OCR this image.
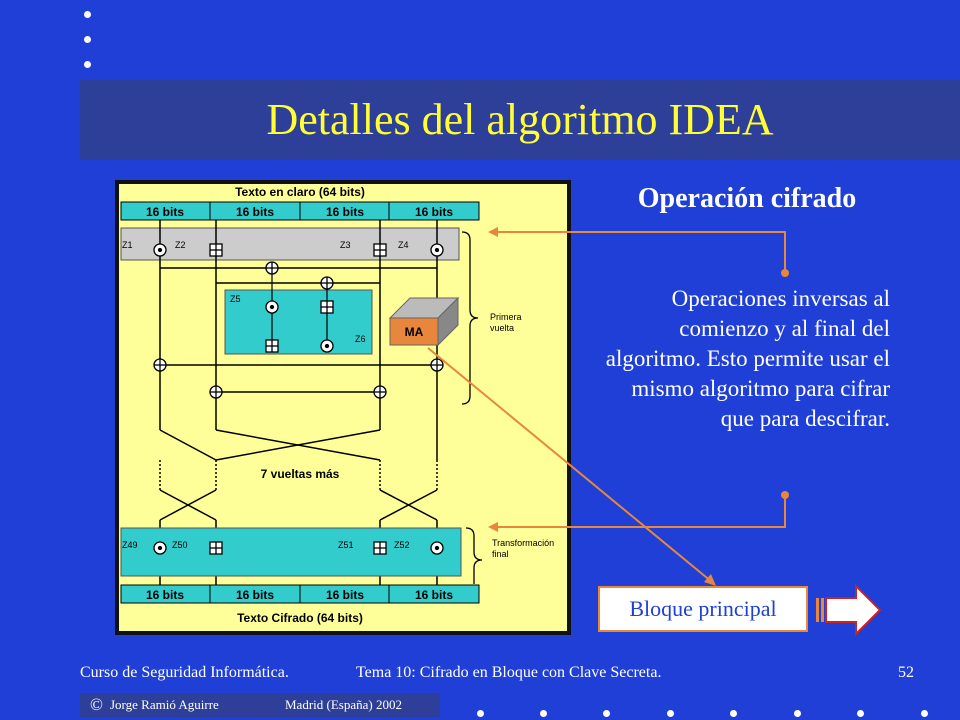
Detalles del algoritmo IDEA
Texto en claro (64 bits)
16 bits	16 bits	16 bits	16 bits
Z1	Z2	Z3	Z4
Z5
Z6	MA
7 vueltas más
Primera
vuelta
Z49	Z50	Z51	Z52	Transformación
final
16 bits	16 bits	16 bits	16 bits
Texto Cifrado (64 bits)
Operación cifrado
Operaciones inversas al comienzo y al final del algoritmo. Esto permite usar el mismo algoritmo para cifrar que para descifrar.
Bloque principal
Curso de Seguridad Informática.	Tema 10: Cifrado en Bloque con Clave Secreta.	52
© Jorge Ramió Aguirre	Madrid (España) 2002
